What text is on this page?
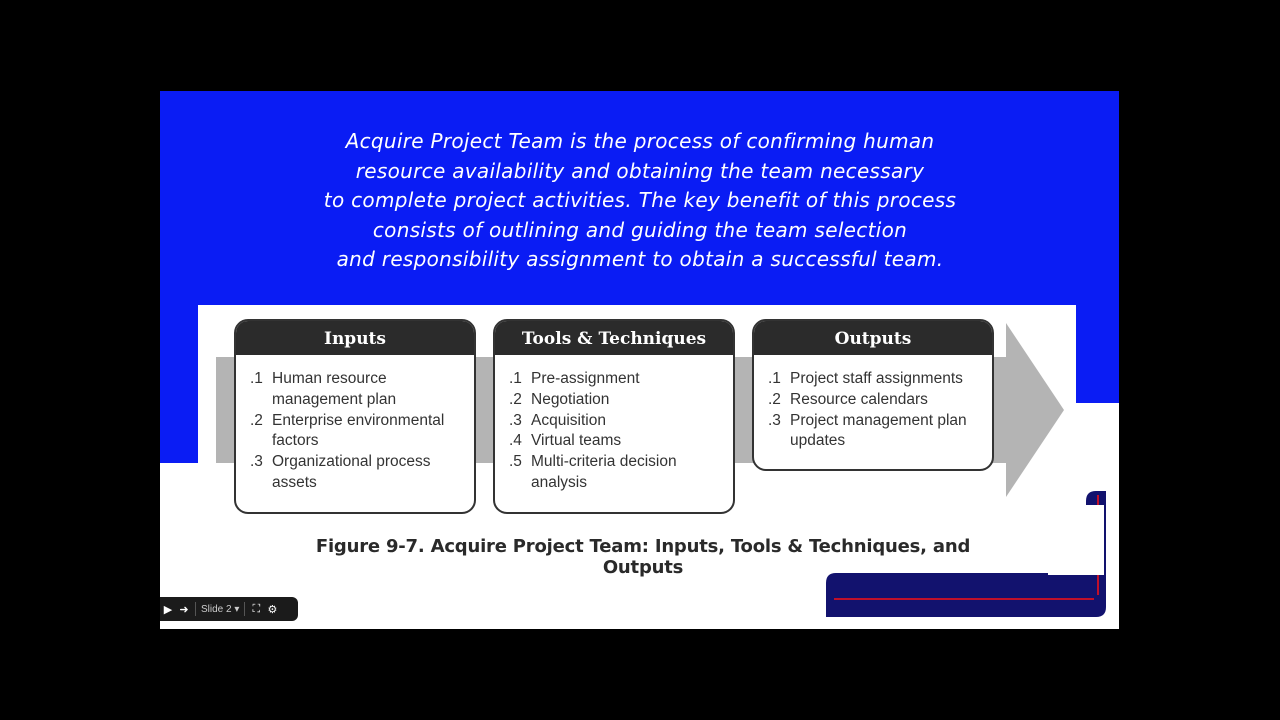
Acquire Project Team is the process of confirming human
resource availability and obtaining the team necessary
to complete project activities. The key benefit of this process
consists of outlining and guiding the team selection
and responsibility assignment to obtain a successful team.
Inputs
.1 Human resource
management plan
.2 Enterprise environmental
factors
.3 Organizational process
assets
Tools & Techniques
.1 Pre-assignment
.2 Negotiation
.3 Acquisition
.4 Virtual teams
.5 Multi-criteria decision
analysis
Outputs
.1 Project staff assignments
.2 Resource calendars
.3 Project management plan
updates
Figure 9-7. Acquire Project Team: Inputs, Tools & Techniques, and Outputs
▶ ➜	Slide 2
▾	⛶ ⚙
